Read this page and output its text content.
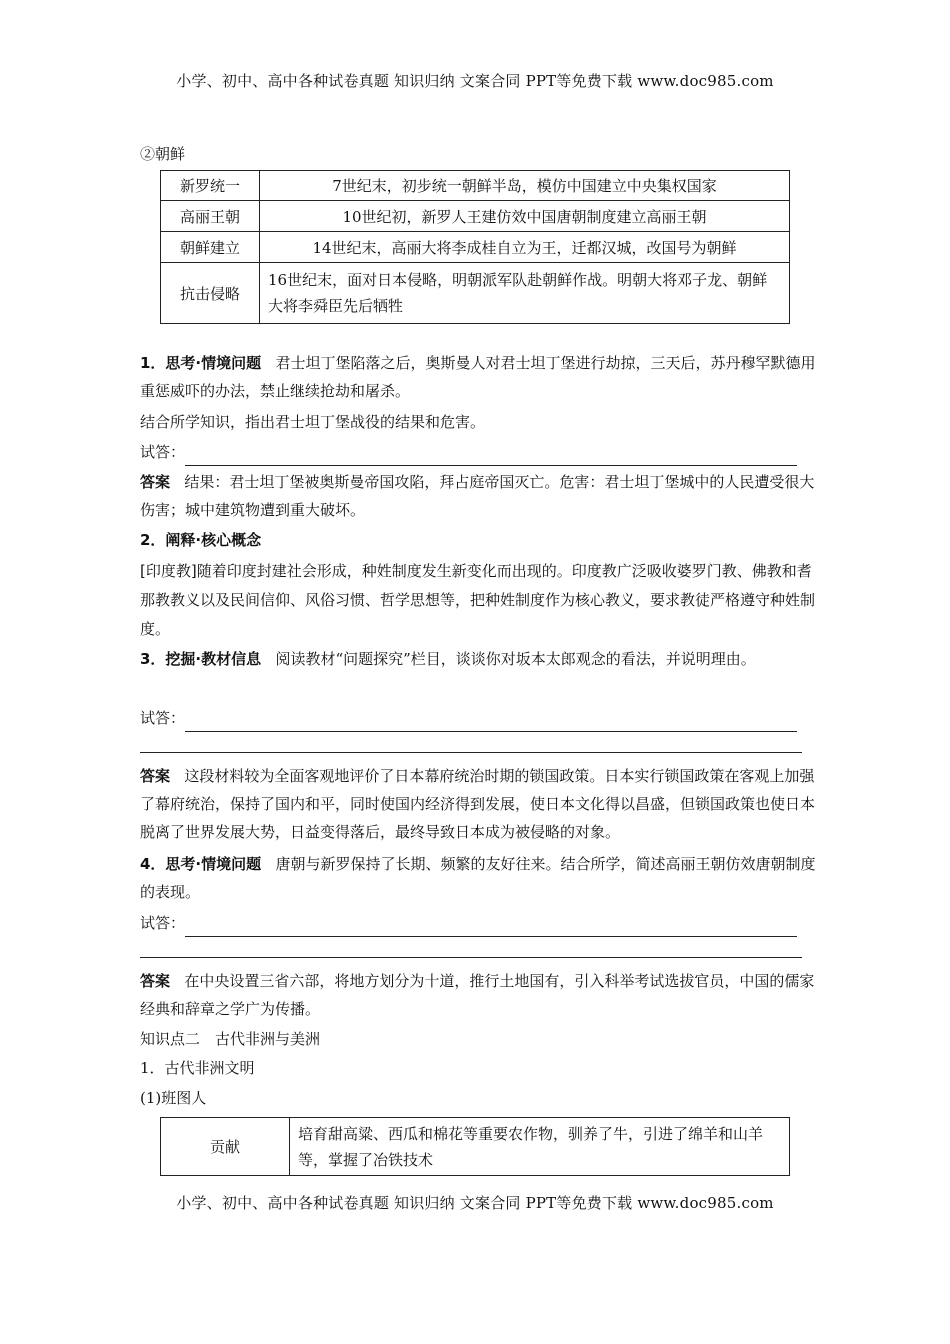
小学、初中、高中各种试卷真题 知识归纳 文案合同 PPT等免费下载 www.doc985.com
②朝鲜
新罗统一	7世纪末，初步统一朝鲜半岛，模仿中国建立中央集权国家
高丽王朝	10世纪初，新罗人王建仿效中国唐朝制度建立高丽王朝
朝鲜建立	14世纪末，高丽大将李成桂自立为王，迁都汉城，改国号为朝鲜
抗击侵略	16世纪末，面对日本侵略，明朝派军队赴朝鲜作战。明朝大将邓子龙、朝鲜大将李舜臣先后牺牲
1．思考·情境问题 君士坦丁堡陷落之后，奥斯曼人对君士坦丁堡进行劫掠，三天后，苏丹穆罕默德用重惩威吓的办法，禁止继续抢劫和屠杀。
结合所学知识，指出君士坦丁堡战役的结果和危害。
试答：
答案 结果：君士坦丁堡被奥斯曼帝国攻陷，拜占庭帝国灭亡。危害：君士坦丁堡城中的人民遭受很大伤害；城中建筑物遭到重大破坏。
2．阐释·核心概念
[印度教]随着印度封建社会形成，种姓制度发生新变化而出现的。印度教广泛吸收婆罗门教、佛教和耆那教教义以及民间信仰、风俗习惯、哲学思想等，把种姓制度作为核心教义，要求教徒严格遵守种姓制度。
3．挖掘·教材信息 阅读教材“问题探究”栏目，谈谈你对坂本太郎观念的看法，并说明理由。
试答：
答案 这段材料较为全面客观地评价了日本幕府统治时期的锁国政策。日本实行锁国政策在客观上加强了幕府统治，保持了国内和平，同时使国内经济得到发展，使日本文化得以昌盛，但锁国政策也使日本脱离了世界发展大势，日益变得落后，最终导致日本成为被侵略的对象。
4．思考·情境问题 唐朝与新罗保持了长期、频繁的友好往来。结合所学，简述高丽王朝仿效唐朝制度的表现。
试答：
答案 在中央设置三省六部，将地方划分为十道，推行土地国有，引入科举考试选拔官员，中国的儒家经典和辞章之学广为传播。
知识点二　古代非洲与美洲
1．古代非洲文明
(1)班图人
贡献	培育甜高粱、西瓜和棉花等重要农作物，驯养了牛，引进了绵羊和山羊等，掌握了冶铁技术
小学、初中、高中各种试卷真题 知识归纳 文案合同 PPT等免费下载 www.doc985.com
